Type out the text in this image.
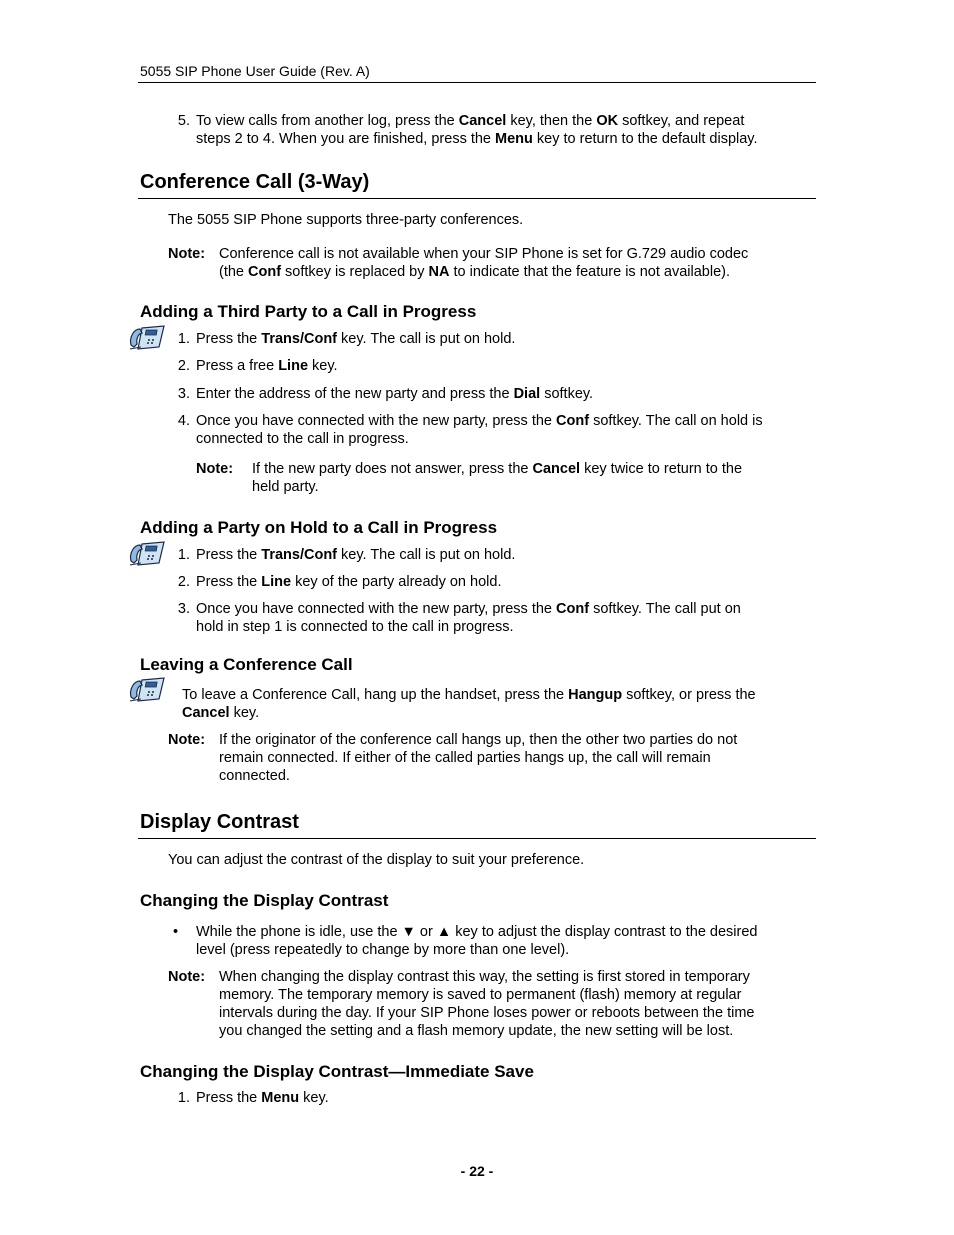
5055 SIP Phone User Guide (Rev. A)
5. To view calls from another log, press the Cancel key, then the OK softkey, and repeat
steps 2 to 4. When you are finished, press the Menu key to return to the default display.
Conference Call (3-Way)
The 5055 SIP Phone supports three-party conferences.
Note: Conference call is not available when your SIP Phone is set for G.729 audio codec
(the Conf softkey is replaced by NA to indicate that the feature is not available).
Adding a Third Party to a Call in Progress
1. Press the Trans/Conf key. The call is put on hold.
2. Press a free Line key.
3. Enter the address of the new party and press the Dial softkey.
4. Once you have connected with the new party, press the Conf softkey. The call on hold is
connected to the call in progress.
Note: If the new party does not answer, press the Cancel key twice to return to the
held party.
Adding a Party on Hold to a Call in Progress
1. Press the Trans/Conf key. The call is put on hold.
2. Press the Line key of the party already on hold.
3. Once you have connected with the new party, press the Conf softkey. The call put on
hold in step 1 is connected to the call in progress.
Leaving a Conference Call
To leave a Conference Call, hang up the handset, press the Hangup softkey, or press the
Cancel key.
Note: If the originator of the conference call hangs up, then the other two parties do not
remain connected. If either of the called parties hangs up, the call will remain
connected.
Display Contrast
You can adjust the contrast of the display to suit your preference.
Changing the Display Contrast
• While the phone is idle, use the ▼ or ▲ key to adjust the display contrast to the desired
level (press repeatedly to change by more than one level).
Note: When changing the display contrast this way, the setting is first stored in temporary
memory. The temporary memory is saved to permanent (flash) memory at regular
intervals during the day. If your SIP Phone loses power or reboots between the time
you changed the setting and a flash memory update, the new setting will be lost.
Changing the Display Contrast—Immediate Save
1. Press the Menu key.
- 22 -
